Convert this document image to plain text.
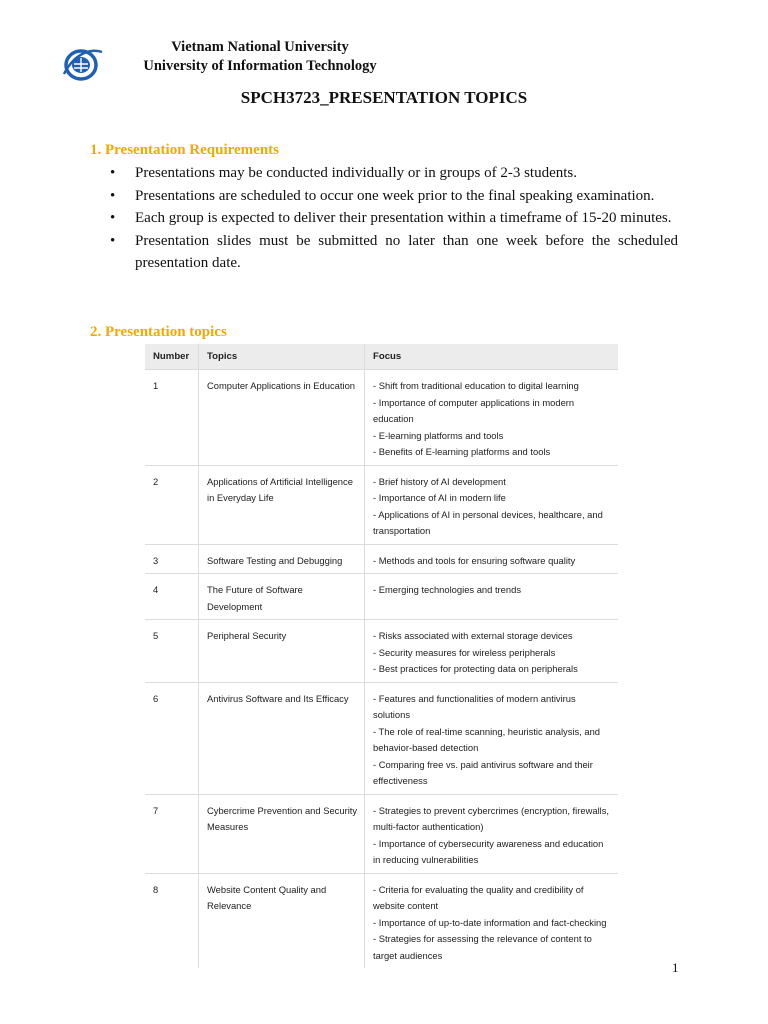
Vietnam National University
University of Information Technology
SPCH3723_PRESENTATION TOPICS
1. Presentation Requirements
• Presentations may be conducted individually or in groups of 2-3 students.
• Presentations are scheduled to occur one week prior to the final speaking examination.
• Each group is expected to deliver their presentation within a timeframe of 15-20 minutes.
• Presentation slides must be submitted no later than one week before the scheduled presentation date.
2. Presentation topics
Number	Topics	Focus
1	Computer Applications in Education	- Shift from traditional education to digital learning
- Importance of computer applications in modern education
- E-learning platforms and tools
- Benefits of E-learning platforms and tools

2	Applications of Artificial Intelligence in Everyday Life	- Brief history of AI development
- Importance of AI in modern life
- Applications of AI in personal devices, healthcare, and transportation

3	Software Testing and Debugging	- Methods and tools for ensuring software quality

4	The Future of Software Development	- Emerging technologies and trends

5	Peripheral Security	- Risks associated with external storage devices
- Security measures for wireless peripherals
- Best practices for protecting data on peripherals

6	Antivirus Software and Its Efficacy	- Features and functionalities of modern antivirus solutions
- The role of real-time scanning, heuristic analysis, and behavior-based detection
- Comparing free vs. paid antivirus software and their effectiveness

7	Cybercrime Prevention and Security Measures	- Strategies to prevent cybercrimes (encryption, firewalls, multi-factor authentication)
- Importance of cybersecurity awareness and education in reducing vulnerabilities

8	Website Content Quality and Relevance	- Criteria for evaluating the quality and credibility of website content
- Importance of up-to-date information and fact-checking
- Strategies for assessing the relevance of content to target audiences
1
